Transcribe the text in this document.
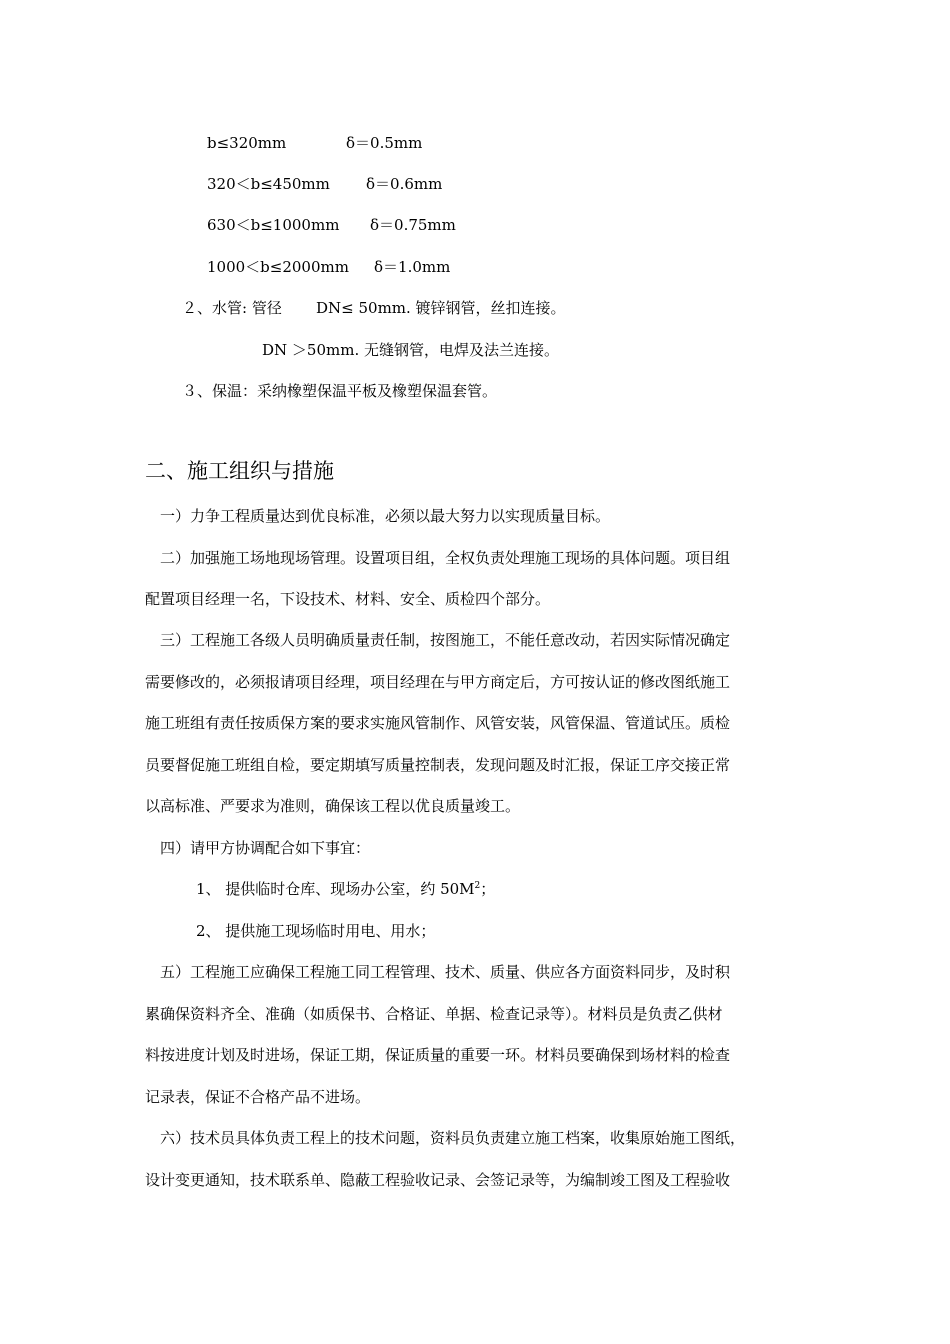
b≤320mm	δ＝0.5mm
320＜b≤450mm δ＝0.6mm
630＜b≤1000mm δ＝0.75mm
1000＜b≤2000mm δ＝1.0mm
２、水管: 管径 DN≤ 50mm. 镀锌钢管，丝扣连接。
DN ＞50mm. 无缝钢管，电焊及法兰连接。
３、保温：采纳橡塑保温平板及橡塑保温套管。
二、施工组织与措施
一）力争工程质量达到优良标准，必须以最大努力以实现质量目标。
二）加强施工场地现场管理。设置项目组，全权负责处理施工现场的具体问题。项目组
配置项目经理一名，下设技术、材料、安全、质检四个部分。
三）工程施工各级人员明确质量责任制，按图施工，不能任意改动，若因实际情况确定
需要修改的，必须报请项目经理，项目经理在与甲方商定后，方可按认证的修改图纸施工
施工班组有责任按质保方案的要求实施风管制作、风管安装，风管保温、管道试压。质检
员要督促施工班组自检，要定期填写质量控制表，发现问题及时汇报，保证工序交接正常
以高标准、严要求为准则，确保该工程以优良质量竣工。
四）请甲方协调配合如下事宜：
1、 提供临时仓库、现场办公室，约 $50M^2$；
2、 提供施工现场临时用电、用水；
五）工程施工应确保工程施工同工程管理、技术、质量、供应各方面资料同步，及时积
累确保资料齐全、准确（如质保书、合格证、单据、检查记录等）。材料员是负责乙供材
料按进度计划及时进场，保证工期，保证质量的重要一环。材料员要确保到场材料的检查
记录表，保证不合格产品不进场。
六）技术员具体负责工程上的技术问题，资料员负责建立施工档案，收集原始施工图纸，
设计变更通知，技术联系单、隐蔽工程验收记录、会签记录等，为编制竣工图及工程验收
